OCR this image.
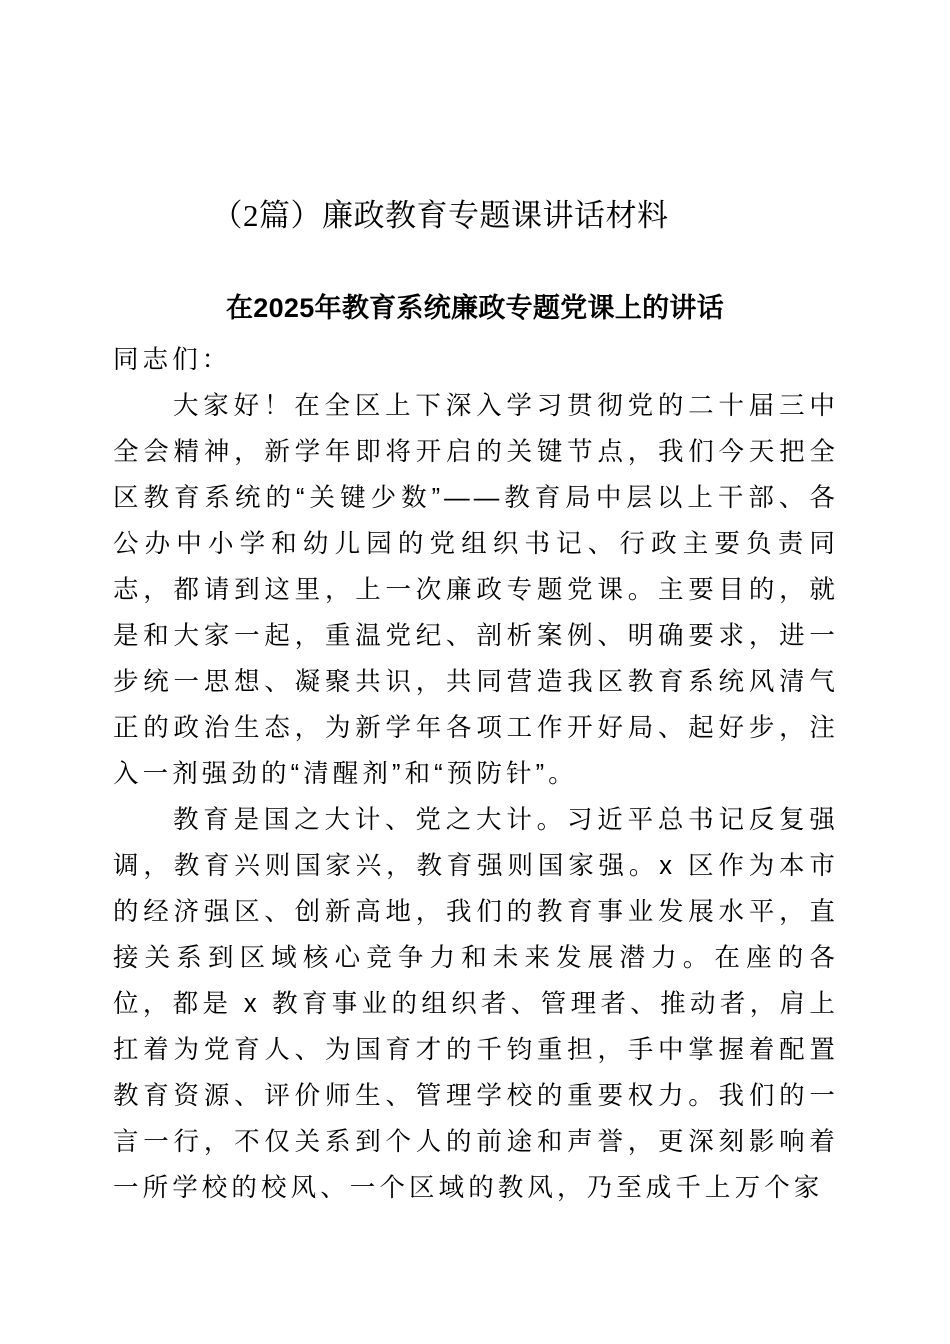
（2篇）廉政教育专题课讲话材料
在2025年教育系统廉政专题党课上的讲话

同志们：

大家好！在全区上下深入学习贯彻党的二十届三中全会精神，新学年即将开启的关键节点，我们今天把全区教育系统的“关键少数”——教育局中层以上干部、各公办中小学和幼儿园的党组织书记、行政主要负责同志，都请到这里，上一次廉政专题党课。主要目的，就是和大家一起，重温党纪、剖析案例、明确要求，进一步统一思想、凝聚共识，共同营造我区教育系统风清气正的政治生态，为新学年各项工作开好局、起好步，注入一剂强劲的“清醒剂”和“预防针”。

教育是国之大计、党之大计。习近平总书记反复强调，教育兴则国家兴，教育强则国家强。x 区作为本市的经济强区、创新高地，我们的教育事业发展水平，直接关系到区域核心竞争力和未来发展潜力。在座的各位，都是 x 教育事业的组织者、管理者、推动者，肩上扛着为党育人、为国育才的千钧重担，手中掌握着配置教育资源、评价师生、管理学校的重要权力。我们的一言一行，不仅关系到个人的前途和声誉，更深刻影响着一所学校的校风、一个区域的教风，乃至成千上万个家
